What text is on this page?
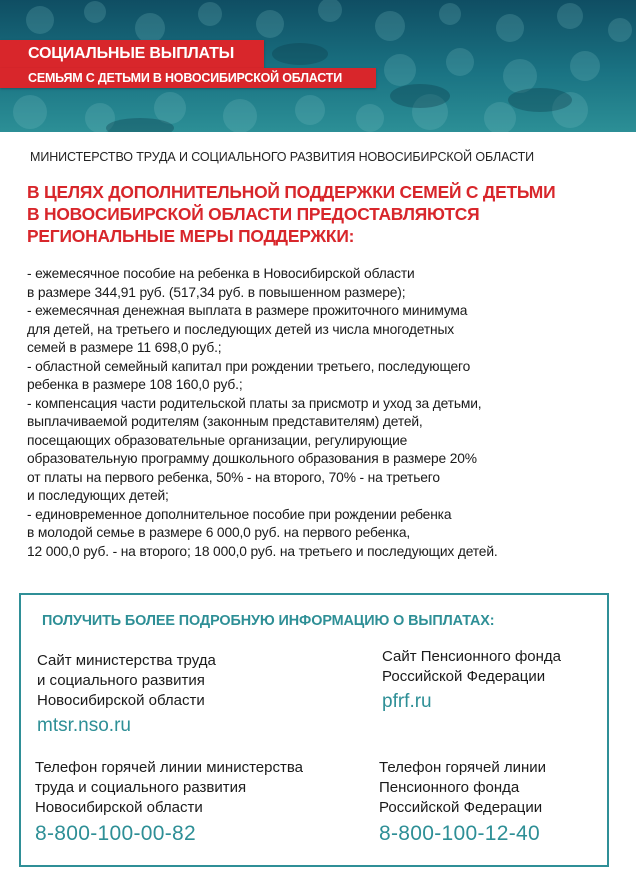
СОЦИАЛЬНЫЕ ВЫПЛАТЫ
СЕМЬЯМ С ДЕТЬМИ В НОВОСИБИРСКОЙ ОБЛАСТИ
МИНИСТЕРСТВО ТРУДА И СОЦИАЛЬНОГО РАЗВИТИЯ НОВОСИБИРСКОЙ ОБЛАСТИ
В ЦЕЛЯХ ДОПОЛНИТЕЛЬНОЙ ПОДДЕРЖКИ СЕМЕЙ С ДЕТЬМИ
В НОВОСИБИРСКОЙ ОБЛАСТИ ПРЕДОСТАВЛЯЮТСЯ
РЕГИОНАЛЬНЫЕ МЕРЫ ПОДДЕРЖКИ:
- ежемесячное пособие на ребенка в Новосибирской области
в размере 344,91 руб. (517,34 руб. в повышенном размере);
- ежемесячная денежная выплата в размере прожиточного минимума
для детей, на третьего и последующих детей из числа многодетных
семей в размере 11 698,0 руб.;
- областной семейный капитал при рождении третьего, последующего
ребенка в размере 108 160,0 руб.;
- компенсация части родительской платы за присмотр и уход за детьми,
выплачиваемой родителям (законным представителям) детей,
посещающих образовательные организации, регулирующие
образовательную программу дошкольного образования в размере 20%
от платы на первого ребенка, 50% - на второго, 70% - на третьего
и последующих детей;
- единовременное дополнительное пособие при рождении ребенка
в молодой семье в размере 6 000,0 руб. на первого ребенка,
12 000,0 руб. - на второго; 18 000,0 руб. на третьего и последующих детей.
ПОЛУЧИТЬ БОЛЕЕ ПОДРОБНУЮ ИНФОРМАЦИЮ О ВЫПЛАТАХ:
Сайт министерства труда
и социального развития
Новосибирской области
mtsr.nso.ru
Сайт Пенсионного фонда
Российской Федерации
pfrf.ru
Телефон горячей линии министерства
труда и социального развития
Новосибирской области
8-800-100-00-82
Телефон горячей линии
Пенсионного фонда
Российской Федерации
8-800-100-12-40
